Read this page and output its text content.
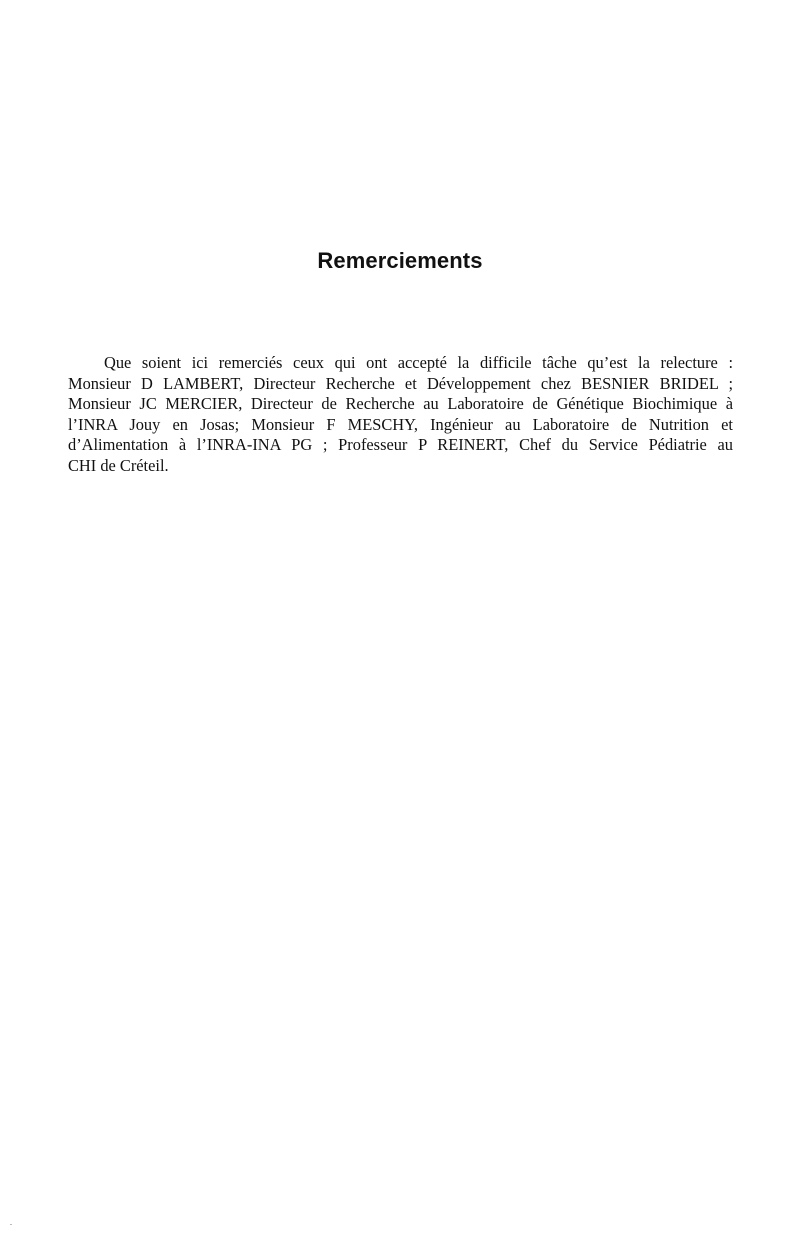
Remerciements

Que soient ici remerciés ceux qui ont accepté la difficile tâche qu’est la relecture :
Monsieur D LAMBERT, Directeur Recherche et Développement chez BESNIER BRIDEL ;
Monsieur JC MERCIER, Directeur de Recherche au Laboratoire de Génétique Biochimique à
l’INRA Jouy en Josas; Monsieur F MESCHY, Ingénieur au Laboratoire de Nutrition et
d’Alimentation à l’INRA-INA PG ; Professeur P REINERT, Chef du Service Pédiatrie au
CHI de Créteil.
